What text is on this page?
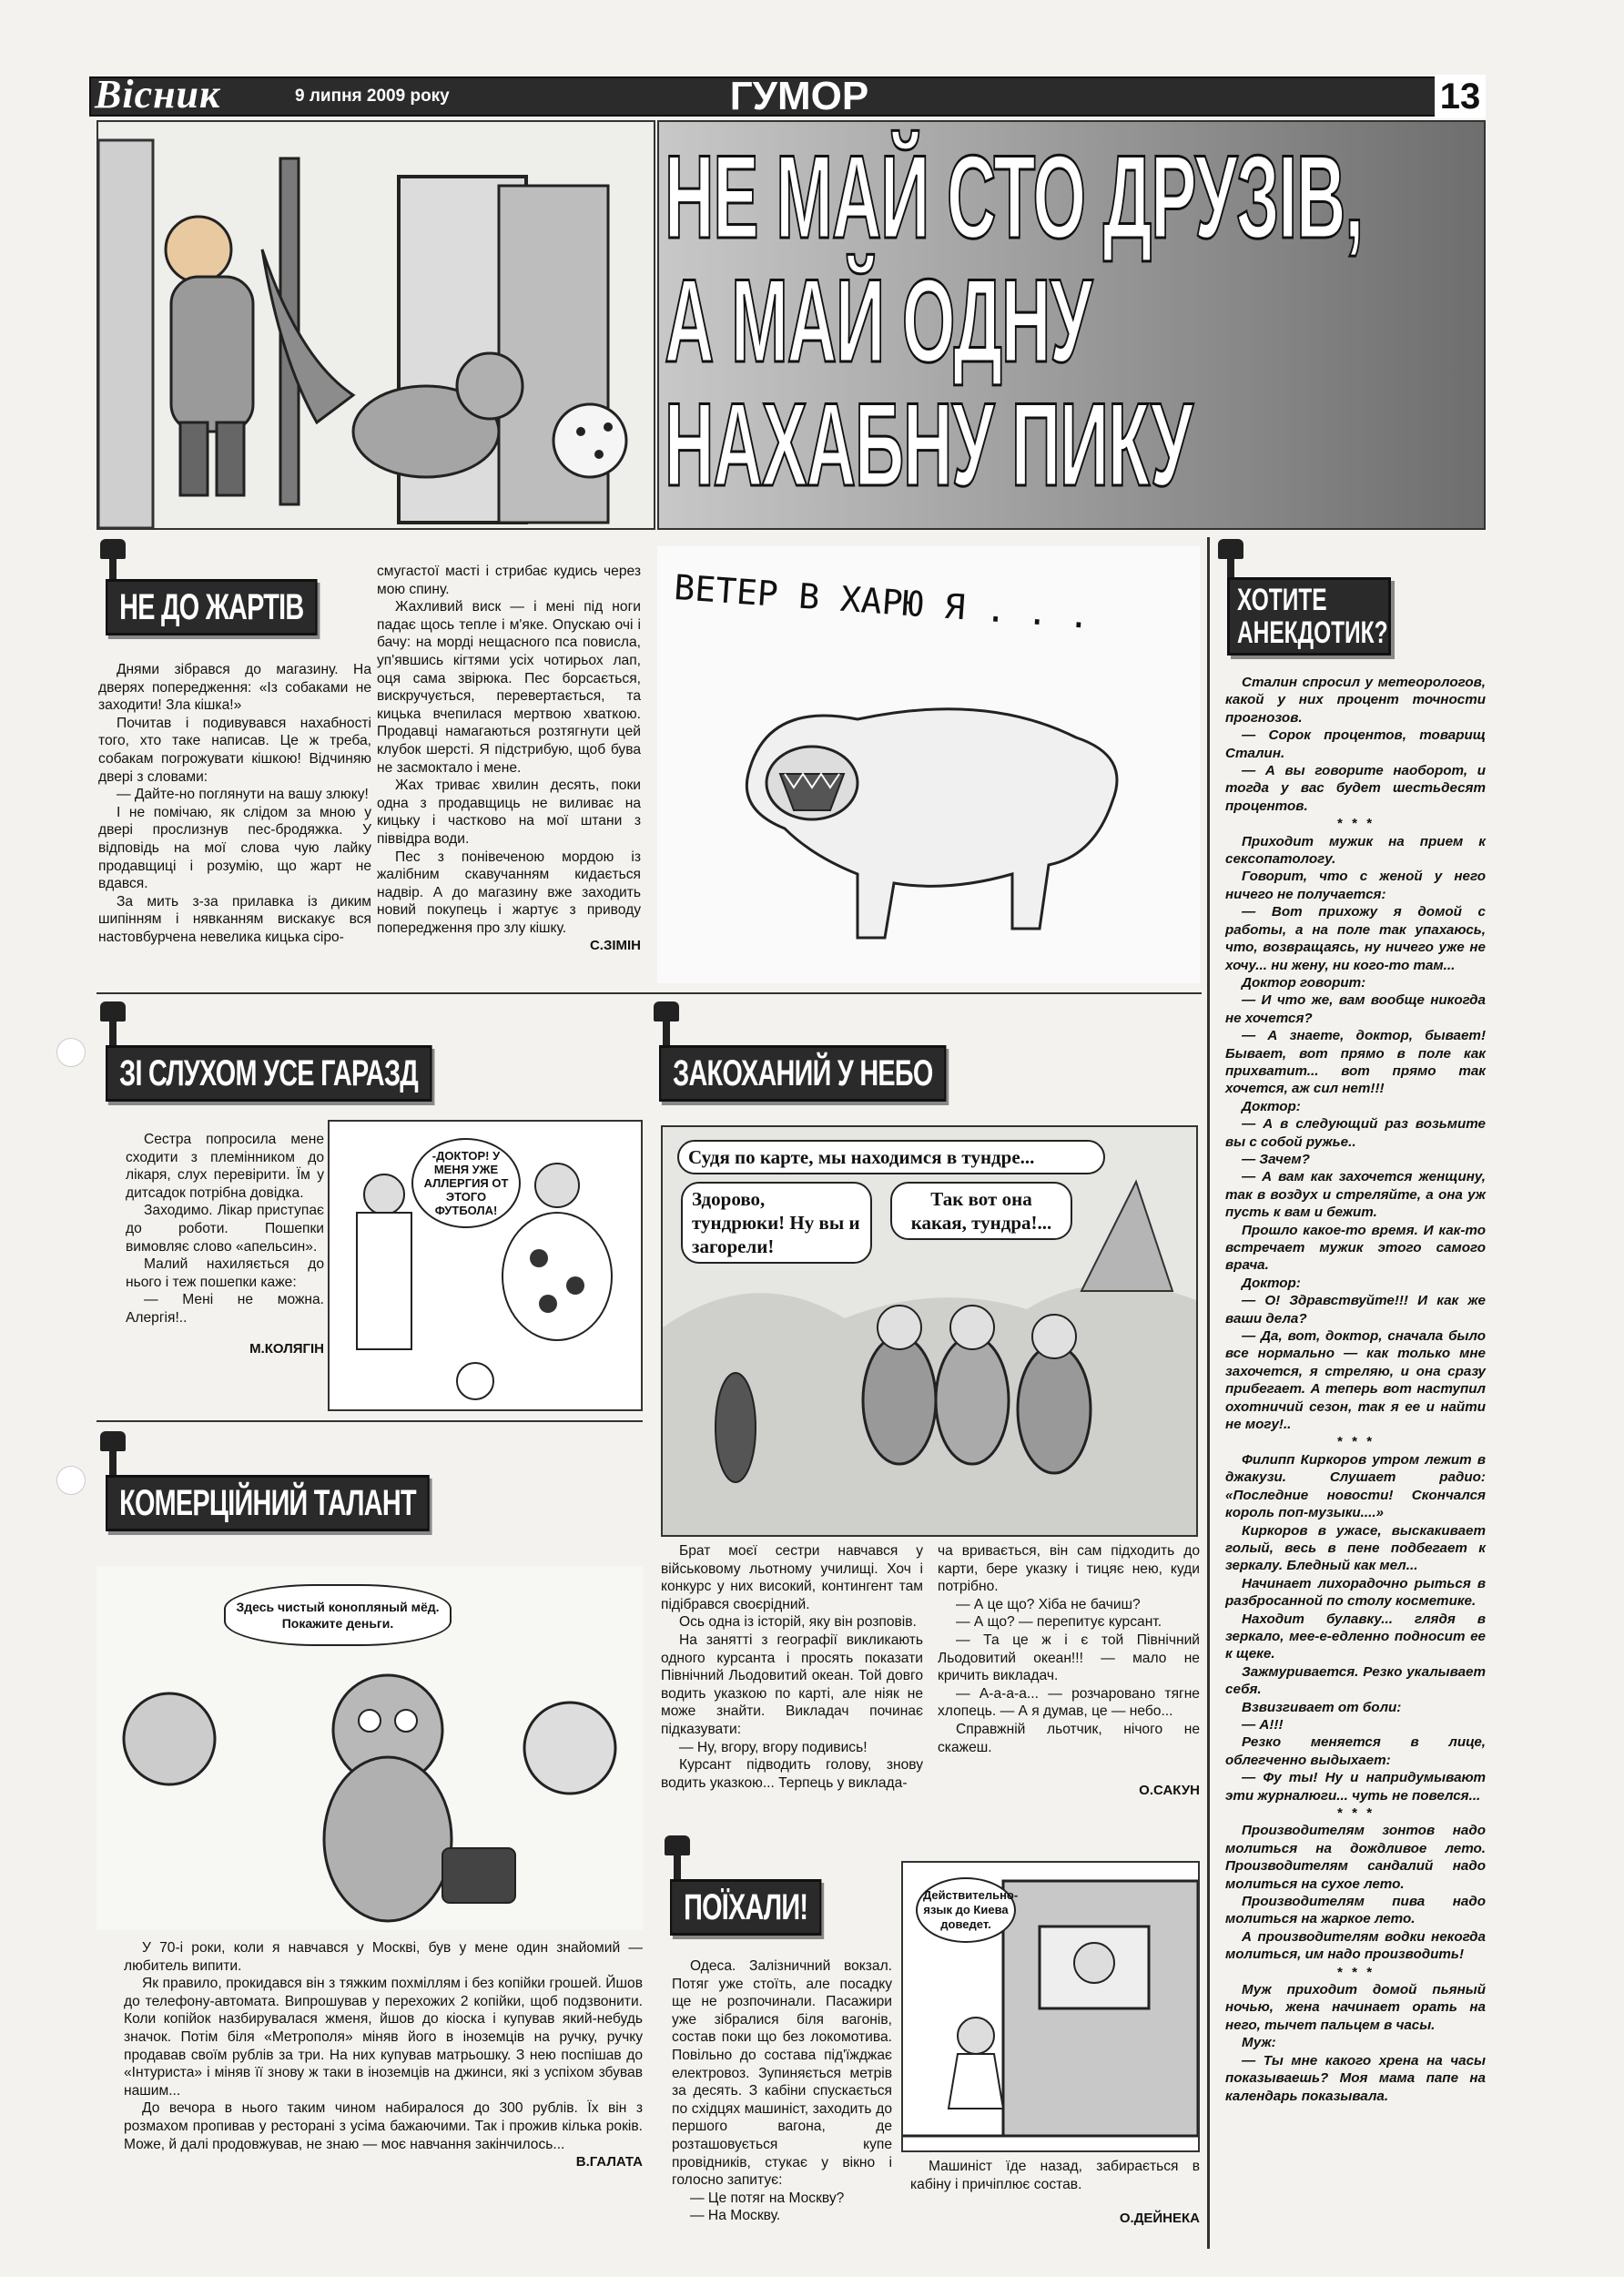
Вісник	9 липня 2009 року	ГУМОР	13
НЕ МАЙ СТО ДРУЗІВ,
А МАЙ ОДНУ
НАХАБНУ ПИКУ
НЕ ДО ЖАРТІВ

Днями зібрався до магазину. На дверях попередження: «Із собаками не заходити! Зла кішка!»

Почитав і подивувався нахабності того, хто таке написав. Це ж треба, собакам погрожувати кішкою! Відчиняю двері з словами:

— Дайте-но поглянути на вашу злюку!

І не помічаю, як слідом за мною у двері прослизнув пес-бродяжка. У відповідь на мої слова чую лайку продавщиці і розумію, що жарт не вдався.

За мить з-за прилавка із диким шипінням і нявканням вискакує вся настовбурчена невелика кицька сіро-

смугастої масті і стрибає кудись через мою спину.

Жахливий виск — і мені під ноги падає щось тепле і м'яке. Опускаю очі і бачу: на морді нещасного пса повисла, уп'явшись кігтями усіх чотирьох лап, оця сама звірюка. Пес борсається, вискручується, перевертається, та кицька вчепилася мертвою хваткою. Продавці намагаються розтягнути цей клубок шерсті. Я підстрибую, щоб бува не засмоктало і мене.

Жах триває хвилин десять, поки одна з продавщиць не виливає на кицьку і частково на мої штани з піввідра води.

Пес з понівеченою мордою із жалібним скавучанням кидається надвір. А до магазину вже заходить новий покупець і жартує з приводу попередження про злу кішку.

С.ЗІМІН

ВЕТЕР В ХАРЮ Я . . .
ЗІ СЛУХОМ УСЕ ГАРАЗД

Сестра попросила мене сходити з племінником до лікаря, слух перевірити. Їм у дитсадок потрібна довідка.

Заходимо. Лікар приступає до роботи. Пошепки вимовляє слово «апельсин».

Малий нахиляється до нього і теж пошепки каже:

— Мені не можна. Алергія!..

М.КОЛЯГІН

-ДОКТОР! У МЕНЯ УЖЕ АЛЛЕРГИЯ ОТ ЭТОГО ФУТБОЛА!
КОМЕРЦІЙНИЙ ТАЛАНТ
Здесь чистый конопляный мёд. Покажите деньги.

У 70-і роки, коли я навчався у Москві, був у мене один знайомий — любитель випити.

Як правило, прокидався він з тяжким похміллям і без копійки грошей. Йшов до телефону-автомата. Випрошував у перехожих 2 копійки, щоб подзвонити. Коли копійок назбирувалася жменя, йшов до кіоска і купував який-небудь значок. Потім біля «Метрополя» міняв його в іноземців на ручку, ручку продавав своїм рублів за три. На них купував матрьошку. З нею поспішав до «Інтуриста» і міняв її знову ж таки в іноземців на джинси, які з успіхом збував нашим...

До вечора в нього таким чином набиралося до 300 рублів. Їх він з розмахом пропивав у ресторані з усіма бажаючими. Так і прожив кілька років. Може, й далі продовжував, не знаю — моє навчання закінчилось...

В.ГАЛАТА

ЗАКОХАНИЙ У НЕБО
Судя по карте, мы находимся в тундре...
Здорово, тундрюки! Ну вы и загорели!
Так вот она какая, тундра!...

Брат моєї сестри навчався у військовому льотному училищі. Хоч і конкурс у них високий, контингент там підібрався своєрідний.

Ось одна із історій, яку він розповів.

На занятті з географії викликають одного курсанта і просять показати Північний Льодовитий океан. Той довго водить указкою по карті, але ніяк не може знайти. Викладач починає підказувати:

— Ну, вгору, вгору подивись!

Курсант підводить голову, знову водить указкою... Терпець у виклада-

ча вривається, він сам підходить до карти, бере указку і тицяє нею, куди потрібно.

— А це що? Хіба не бачиш?

— А що? — перепитує курсант.

— Та це ж і є той Північний Льодовитий океан!!! — мало не кричить викладач.

— А-а-а-а... — розчаровано тягне хлопець. — А я думав, це — небо...

Справжній льотчик, нічого не скажеш.

О.САКУН

ПОЇХАЛИ!

Одеса. Залізничний вокзал. Потяг уже стоїть, але посадку ще не розпочинали. Пасажири уже зібралися біля вагонів, состав поки що без локомотива. Повільно до состава під'їжджає електровоз. Зупиняється метрів за десять. З кабіни спускається по східцях машиніст, заходить до першого вагона, де розташовується купе провідників, стукає у вікно і голосно запитує:

— Це потяг на Москву?

— На Москву.

Действительно- язык до Киева доведет.
Машиніст їде назад, забирається в кабіну і причіплює состав.
О.ДЕЙНЕКА
ХОТИТЕ
АНЕКДОТИК?

Сталин спросил у метеорологов, какой у них процент точности прогнозов.

— Сорок процентов, товарищ Сталин.

— А вы говорите наоборот, и тогда у вас будет шестьдесят процентов.

* * *

Приходит мужик на прием к сексопатологу.

Говорит, что с женой у него ничего не получается:

— Вот прихожу я домой с работы, а на поле так упахаюсь, что, возвращаясь, ну ничего уже не хочу... ни жену, ни кого-то там...

Доктор говорит:

— И что же, вам вообще никогда не хочется?

— А знаете, доктор, бывает! Бывает, вот прямо в поле как прихватит... вот прямо так хочется, аж сил нет!!!

Доктор:

— А в следующий раз возьмите вы с собой ружье..

— Зачем?

— А вам как захочется женщину, так в воздух и стреляйте, а она уж пусть к вам и бежит.

Прошло какое-то время. И как-то встречает мужик этого самого врача.

Доктор:

— О! Здравствуйте!!! И как же ваши дела?

— Да, вот, доктор, сначала было все нормально — как только мне захочется, я стреляю, и она сразу прибегает. А теперь вот наступил охотничий сезон, так я ее и найти не могу!..

* * *

Филипп Киркоров утром лежит в джакузи. Слушает радио: «Последние новости! Скончался король поп-музыки....»

Киркоров в ужасе, выскакивает голый, весь в пене подбегает к зеркалу. Бледный как мел...

Начинает лихорадочно рыться в разбросанной по столу косметике.

Находит булавку... глядя в зеркало, мее-е-едленно подносит ее к щеке.

Зажмуривается. Резко укалывает себя.

Взвизгивает от боли:

— А!!!

Резко меняется в лице, облегченно выдыхает:

— Фу ты! Ну и напридумывают эти журналюги... чуть не повелся...

* * *

Производителям зонтов надо молиться на дождливое лето. Производителям сандалий надо молиться на сухое лето.

Производителям пива надо молиться на жаркое лето.

А производителям водки некогда молиться, им надо производить!

* * *

Муж приходит домой пьяный ночью, жена начинает орать на него, тычет пальцем в часы.

Муж:

— Ты мне какого хрена на часы показываешь? Моя мама папе на календарь показывала.
